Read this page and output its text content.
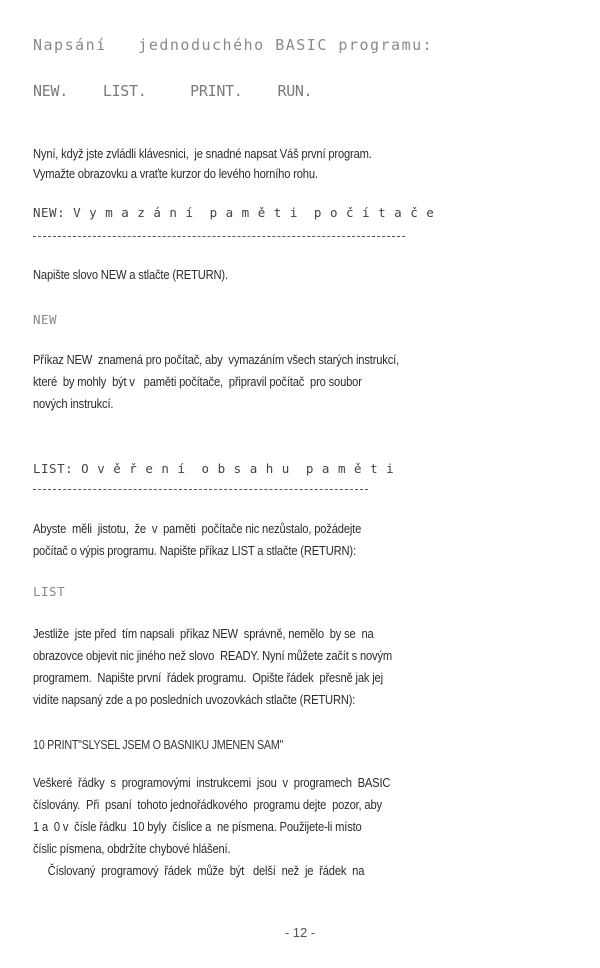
Napsání   jednoduchého BASIC programu:
NEW.    LIST.     PRINT.    RUN.
Nyní, když jste zvládli klávesnici,  je snadné napsat Váš první program.
Vymažte obrazovku a vraťte kurzor do levého horního rohu.
NEW: V y m a z á n í  p a m ě t i  p o č í t a č e
Napište slovo NEW a stlačte (RETURN).
NEW
Příkaz NEW  znamená pro počítač, aby  vymazáním všech starých instrukcí,
které  by mohly  být v   paměti počítače,  připravil počítač  pro soubor
nových instrukcí.
LIST: O v ě ř e n í  o b s a h u  p a m ě t i
Abyste  měli  jistotu,  že  v  paměti  počítače nic nezůstalo, požádejte
počítač o výpis programu. Napište příkaz LIST a stlačte (RETURN):
LIST
Jestliže  jste před  tím napsali  příkaz NEW  správně, nemělo  by se  na
obrazovce objevit nic jiného než slovo  READY. Nyní můžete začít s novým
programem.  Napište první  řádek programu.  Opište řádek  přesně jak jej
vidíte napsaný zde a po posledních uvozovkách stlačte (RETURN):
10 PRINT"SLYSEL JSEM O BASNIKU JMENEN SAM"
Veškeré  řádky  s  programovými  instrukcemi  jsou  v  programech  BASIC
číslovány.  Při  psaní  tohoto jednořádkového  programu dejte  pozor, aby
1 a  0 v  čísle řádku  10 byly  číslice a  ne písmena. Použijete-li místo
číslic písmena, obdržíte chybové hlášení.
Číslovaný  programový  řádek  může  být   delší  než  je  řádek  na
- 12 -
